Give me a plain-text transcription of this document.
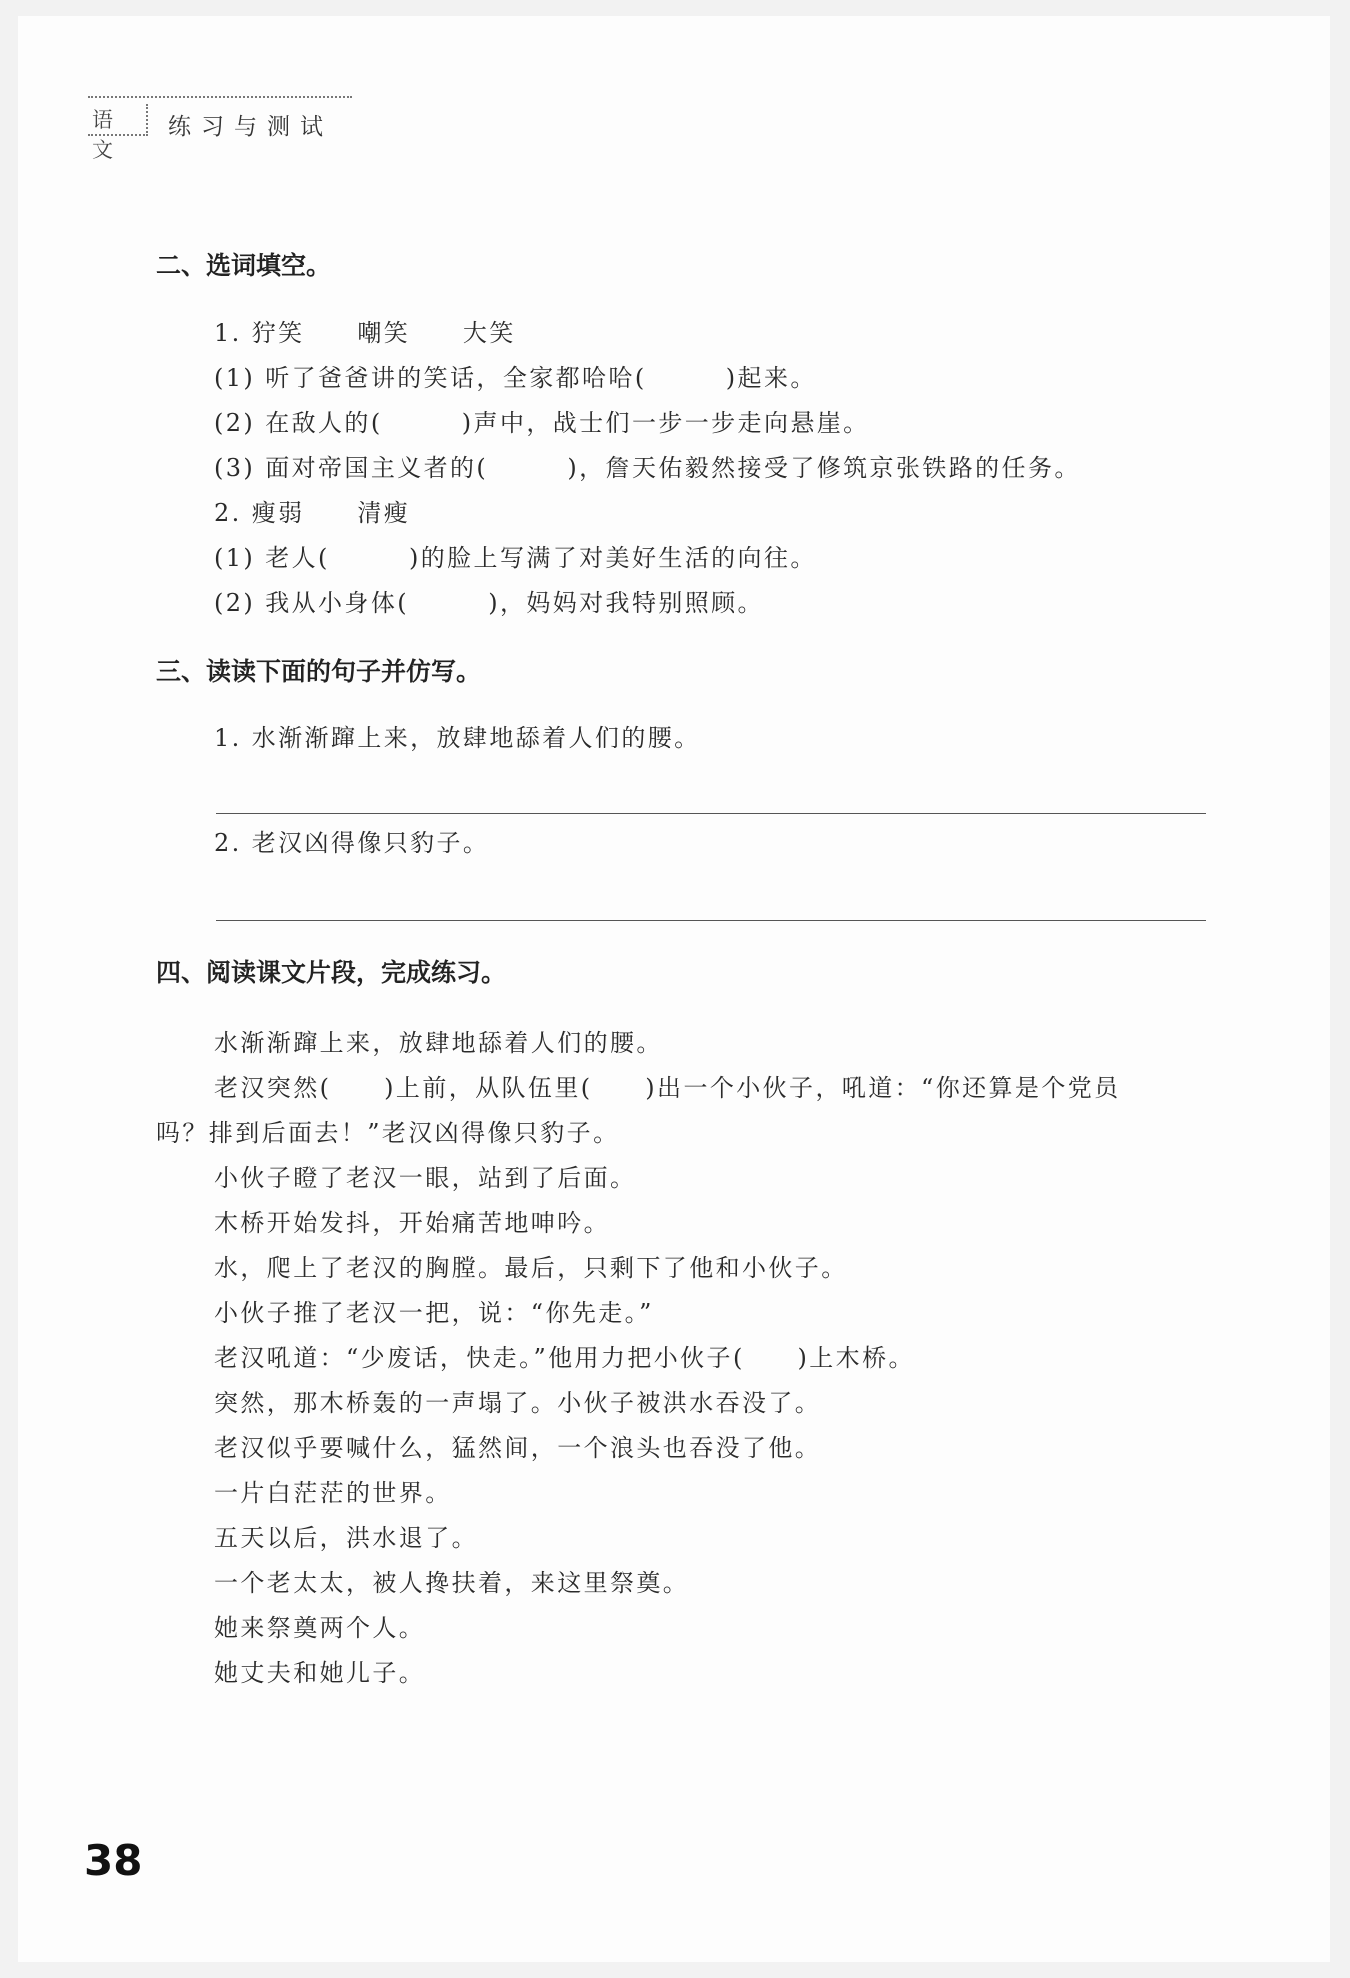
语文
练习与测试
二、选词填空。
1. 狞笑　　嘲笑　　大笑
(1) 听了爸爸讲的笑话，全家都哈哈(　　　)起来。
(2) 在敌人的(　　　)声中，战士们一步一步走向悬崖。
(3) 面对帝国主义者的(　　　)，詹天佑毅然接受了修筑京张铁路的任务。
2. 瘦弱　　清瘦
(1) 老人(　　　)的脸上写满了对美好生活的向往。
(2) 我从小身体(　　　)，妈妈对我特别照顾。
三、读读下面的句子并仿写。
1. 水渐渐蹿上来，放肆地舔着人们的腰。
2. 老汉凶得像只豹子。
四、阅读课文片段，完成练习。
水渐渐蹿上来，放肆地舔着人们的腰。
老汉突然(　　)上前，从队伍里(　　)出一个小伙子，吼道：“你还算是个党员
吗？排到后面去！”老汉凶得像只豹子。
小伙子瞪了老汉一眼，站到了后面。
木桥开始发抖，开始痛苦地呻吟。
水，爬上了老汉的胸膛。最后，只剩下了他和小伙子。
小伙子推了老汉一把，说：“你先走。”
老汉吼道：“少废话，快走。”他用力把小伙子(　　)上木桥。
突然，那木桥轰的一声塌了。小伙子被洪水吞没了。
老汉似乎要喊什么，猛然间，一个浪头也吞没了他。
一片白茫茫的世界。
五天以后，洪水退了。
一个老太太，被人搀扶着，来这里祭奠。
她来祭奠两个人。
她丈夫和她儿子。
38
